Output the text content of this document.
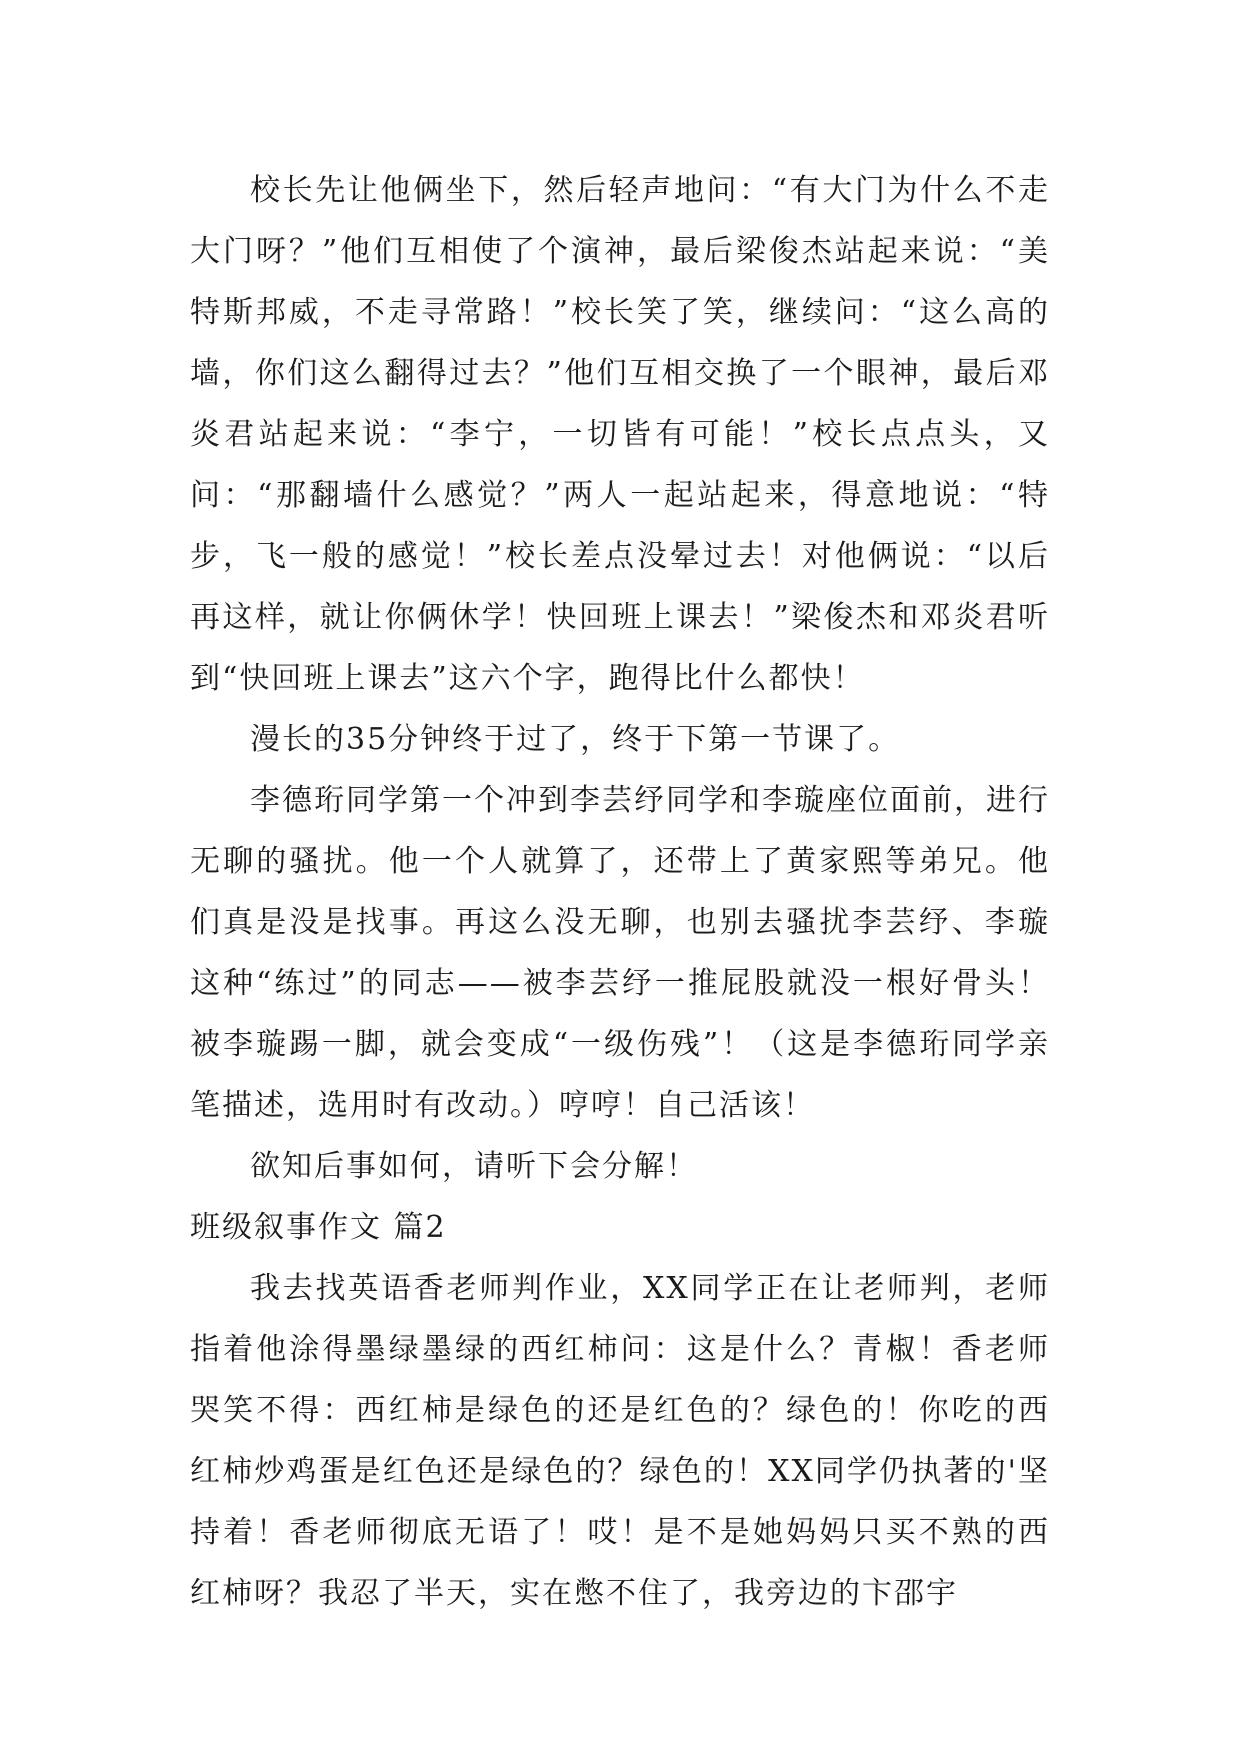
校长先让他俩坐下，然后轻声地问：“有大门为什么不走大门呀？”他们互相使了个演神，最后梁俊杰站起来说：“美特斯邦威，不走寻常路！”校长笑了笑，继续问：“这么高的墙，你们这么翻得过去？”他们互相交换了一个眼神，最后邓炎君站起来说：“李宁，一切皆有可能！”校长点点头，又问：“那翻墙什么感觉？”两人一起站起来，得意地说：“特步，飞一般的感觉！”校长差点没晕过去！对他俩说：“以后再这样，就让你俩休学！快回班上课去！”梁俊杰和邓炎君听到“快回班上课去”这六个字，跑得比什么都快！

漫长的35分钟终于过了，终于下第一节课了。

李德珩同学第一个冲到李芸纾同学和李璇座位面前，进行无聊的骚扰。他一个人就算了，还带上了黄家熙等弟兄。他们真是没是找事。再这么没无聊，也别去骚扰李芸纾、李璇这种“练过”的同志——被李芸纾一推屁股就没一根好骨头！被李璇踢一脚，就会变成“一级伤残”！（这是李德珩同学亲笔描述，选用时有改动。）哼哼！自己活该！

欲知后事如何，请听下会分解！

班级叙事作文 篇2

我去找英语香老师判作业，XX同学正在让老师判，老师指着他涂得墨绿墨绿的西红柿问：这是什么？青椒！香老师哭笑不得：西红柿是绿色的还是红色的？绿色的！你吃的西红柿炒鸡蛋是红色还是绿色的？绿色的！XX同学仍执著的'坚持着！香老师彻底无语了！哎！是不是她妈妈只买不熟的西红柿呀？我忍了半天，实在憋不住了，我旁边的卞邵宇
